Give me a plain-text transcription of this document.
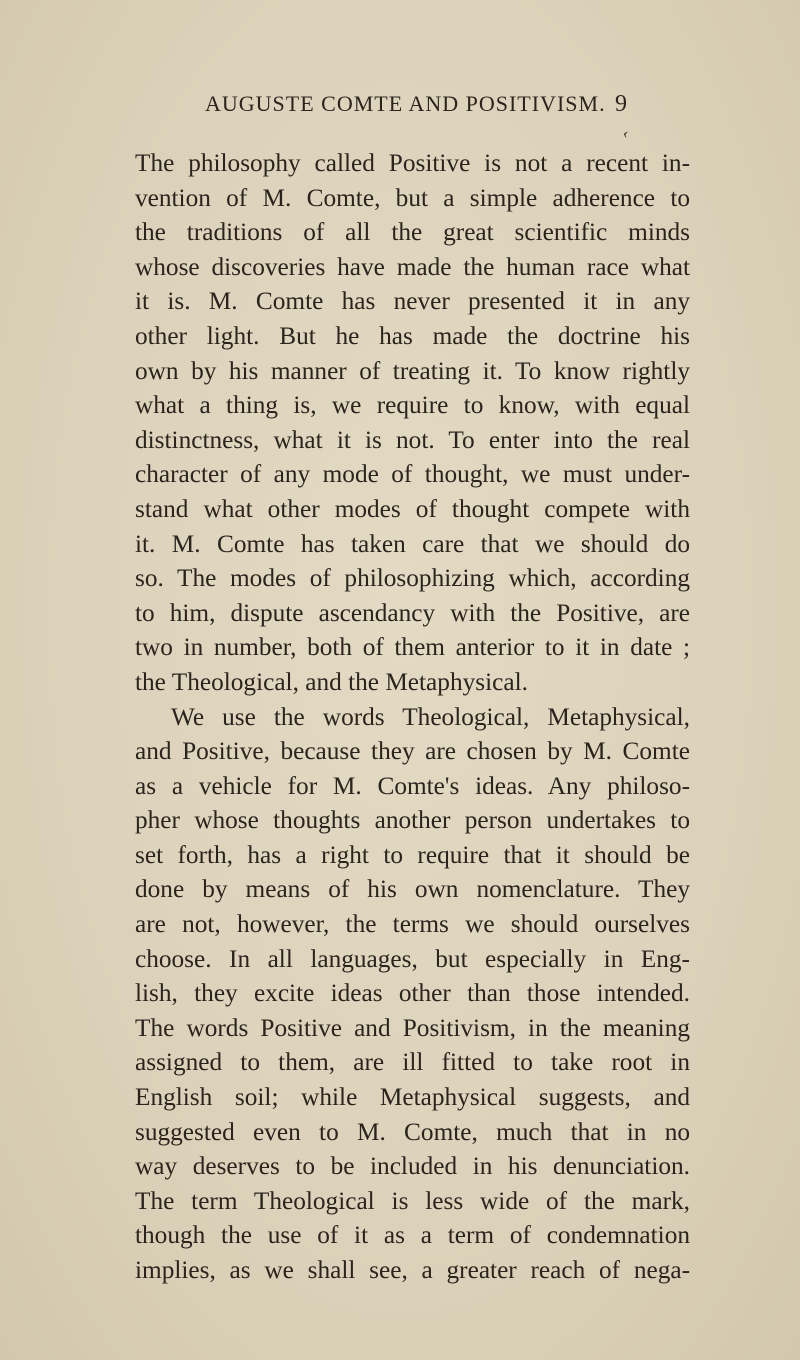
AUGUSTE COMTE AND POSITIVISM. 9
‹
The philosophy called Positive is not a recent in-
vention of M. Comte, but a simple adherence to
the traditions of all the great scientific minds
whose discoveries have made the human race what
it is. M. Comte has never presented it in any
other light. But he has made the doctrine his
own by his manner of treating it. To know rightly
what a thing is, we require to know, with equal
distinctness, what it is not. To enter into the real
character of any mode of thought, we must under-
stand what other modes of thought compete with
it. M. Comte has taken care that we should do
so. The modes of philosophizing which, according
to him, dispute ascendancy with the Positive, are
two in number, both of them anterior to it in date ;
the Theological, and the Metaphysical.
We use the words Theological, Metaphysical,
and Positive, because they are chosen by M. Comte
as a vehicle for M. Comte's ideas. Any philoso-
pher whose thoughts another person undertakes to
set forth, has a right to require that it should be
done by means of his own nomenclature. They
are not, however, the terms we should ourselves
choose. In all languages, but especially in Eng-
lish, they excite ideas other than those intended.
The words Positive and Positivism, in the meaning
assigned to them, are ill fitted to take root in
English soil; while Metaphysical suggests, and
suggested even to M. Comte, much that in no
way deserves to be included in his denunciation.
The term Theological is less wide of the mark,
though the use of it as a term of condemnation
implies, as we shall see, a greater reach of nega-
